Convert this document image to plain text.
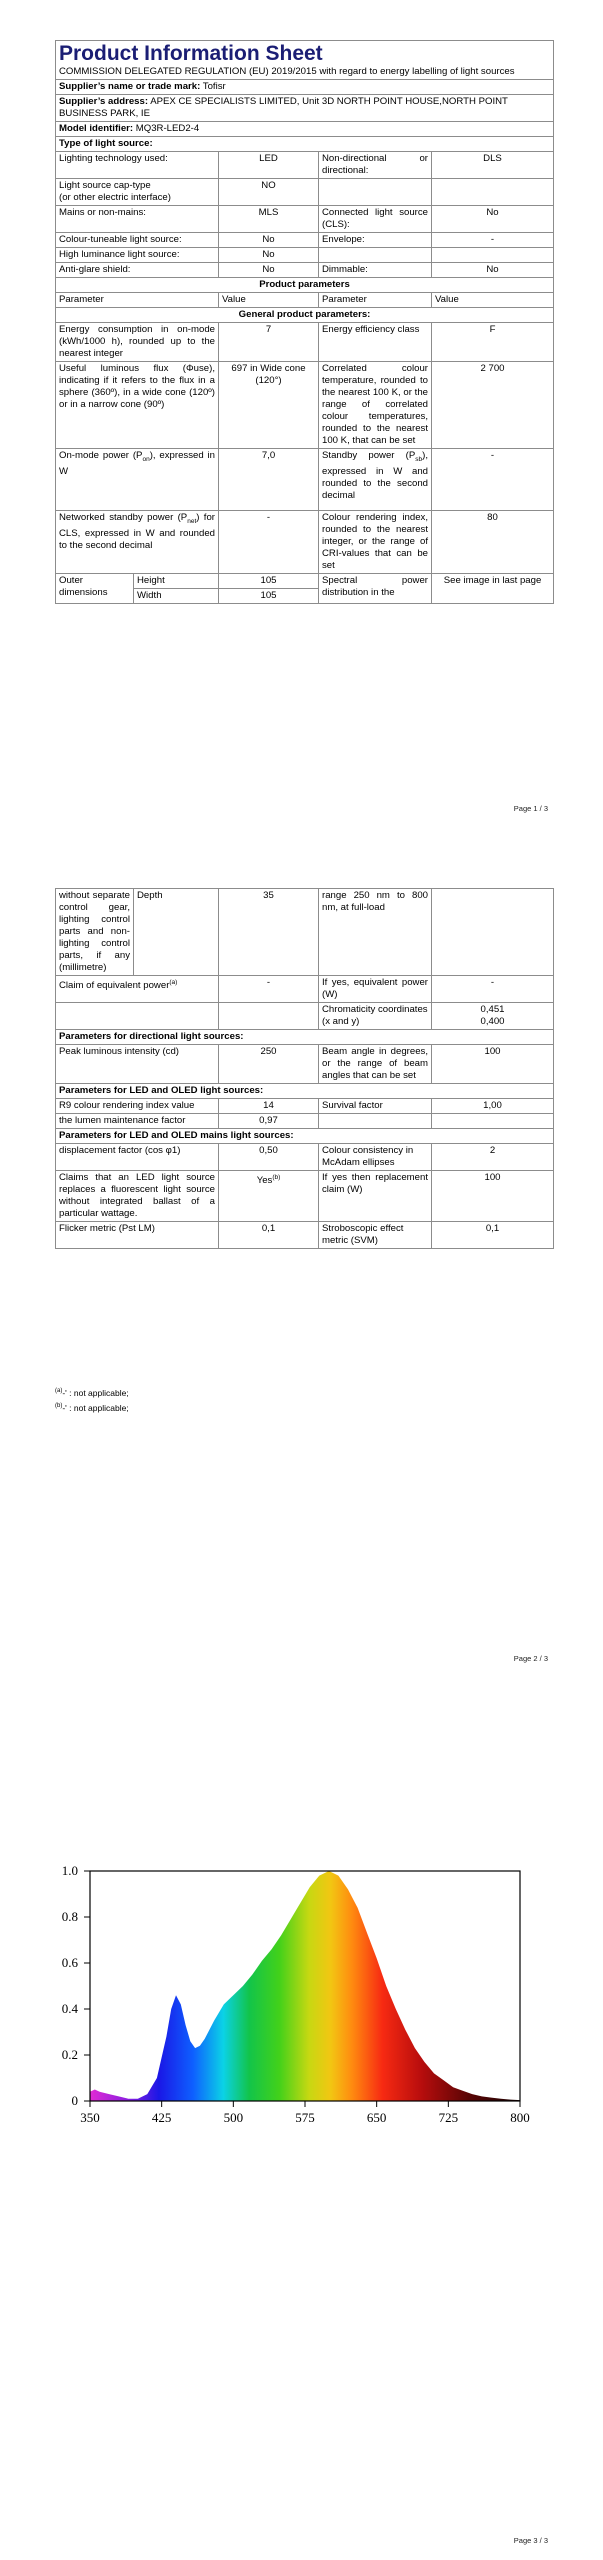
Product Information Sheet
COMMISSION DELEGATED REGULATION (EU) 2019/2015 with regard to energy labelling of light sources				

Supplier’s name or trade mark: Tofisr				
Supplier’s address: APEX CE SPECIALISTS LIMITED, Unit 3D NORTH POINT HOUSE,NORTH POINT BUSINESS PARK, IE				
Model identifier: MQ3R-LED2-4				
Type of light source:				
Lighting technology used:		LED	Non-directional or directional:	DLS

Light source cap-type
(or other electric interface)		NO		
Mains or non-mains:		MLS	Connected light source (CLS):	No
Colour-tuneable light source:		No	Envelope:	-
High luminance light source:		No		
Anti-glare shield:		No	Dimmable:	No
Product parameters				
Parameter		Value	Parameter	Value
General product parameters:				
Energy consumption in on-mode (kWh/1000 h), rounded up to the nearest integer		7	Energy efficiency class	F
Useful luminous flux (Φuse), indicating if it refers to the flux in a sphere (360º), in a wide cone (120º) or in a narrow cone (90º)		697 in Wide cone (120°)	Correlated colour temperature, rounded to the nearest 100 K, or the range of correlated colour temperatures, rounded to the nearest 100 K, that can be set	2 700
On-mode power $(P_{on})$, expressed in W		7,0	Standby power $(P_{sb})$, expressed in W and rounded to the second decimal	-
Networked standby power $(P_{net})$ for CLS, expressed in W and rounded to the second decimal		-	Colour rendering index, rounded to the nearest integer, or the range of CRI-values that can be set	80
Outer dimensions	Height	105	Spectral power distribution in the	See image in last page
	Width	105		
Page 1 / 3
without separate control gear, lighting control parts and non-lighting control parts, if any (millimetre)	Depth	35	range 250 nm to 800 nm, at full-load	
Claim of equivalent power$^{(a)}$		-	If yes, equivalent power (W)	-
			Chromaticity coordinates (x and y)	0,451
0,400

Parameters for directional light sources:				
Peak luminous intensity (cd)		250	Beam angle in degrees, or the range of beam angles that can be set	100
Parameters for LED and OLED light sources:				
R9 colour rendering index value		14	Survival factor	1,00
the lumen maintenance factor		0,97		
Parameters for LED and OLED mains light sources:				
displacement factor (cos φ1)		0,50	Colour consistency in McAdam ellipses	2
Claims that an LED light source replaces a fluorescent light source without integrated ballast of a particular wattage.		Yes$^{(b)}$	If yes then replacement claim (W)	100
Flicker metric (Pst LM)		0,1	Stroboscopic effect metric (SVM)	0,1
$^{(a)}$-' : not applicable;
$^{(b)}$-' : not applicable;
Page 2 / 3
350	425	500	575	650	725	800
0
0.2
0.4
0.6
0.8
1.0
Page 3 / 3
